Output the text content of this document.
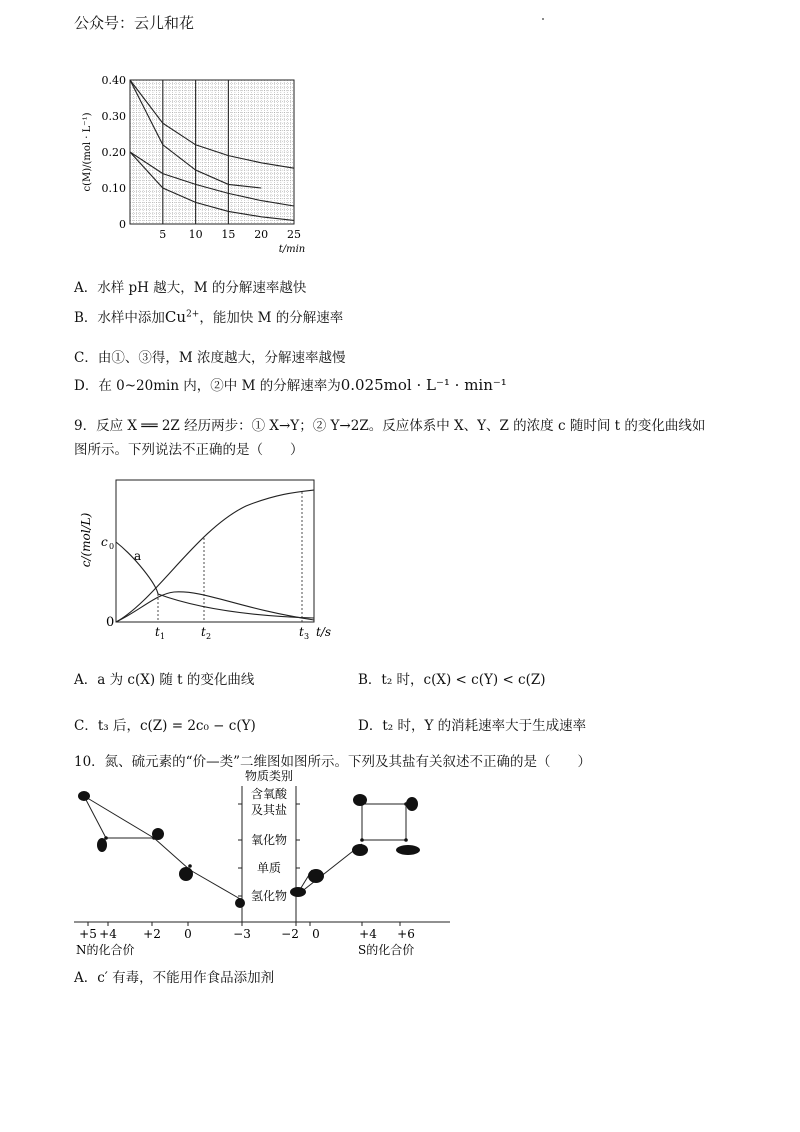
公众号：云儿和花
0.40
0.30
0.20
0.10
0
5 10 15 20 25
c(M)/(mol · L⁻¹)
t/min
A．水样 pH 越大，M 的分解速率越快
B．水样中添加$Cu^{2+}$，能加快 M 的分解速率
C．由①、③得，M 浓度越大，分解速率越慢
D．在 0~20min 内，②中 M 的分解速率为0.025mol · L⁻¹ · min⁻¹
9．反应 X ══ 2Z 经历两步：① X→Y；② Y→2Z。反应体系中 X、Y、Z 的浓度 c 随时间 t 的变化曲线如
图所示。下列说法不正确的是（　　）
c/(mol/L) c 0
0
a
t 1	t 2	t 3 t/s
A．a 为 c(X) 随 t 的变化曲线	B．t₂ 时，c(X) < c(Y) < c(Z)
C．t₃ 后，c(Z) = 2c₀ − c(Y)	D．t₂ 时，Y 的消耗速率大于生成速率
10．氮、硫元素的“价—类”二维图如图所示。下列及其盐有关叙述不正确的是（　　）
物质类别
含氧酸
及其盐
氧化物
单质
氢化物
+5 +4 +2 0	−3	−2 0	+4 +6
N的化合价	S的化合价
A．c′ 有毒，不能用作食品添加剂
